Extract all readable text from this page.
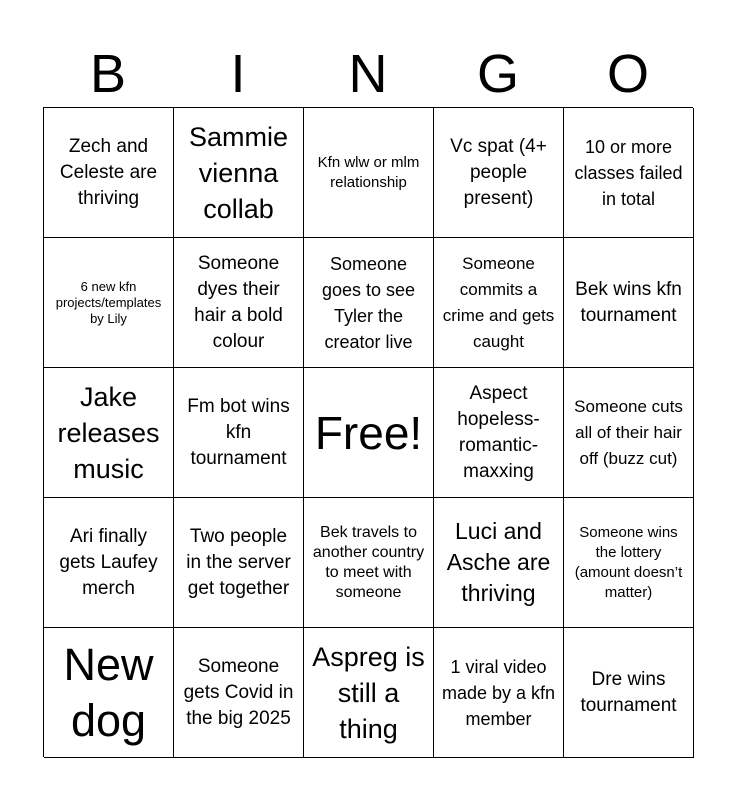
B	I	N	G	O
Zech and Celeste are thriving
Sammie vienna collab
Kfn wlw or mlm relationship
Vc spat (4+ people present)
10 or more classes failed in total
6 new kfn projects/templates by Lily
Someone dyes their hair a bold colour
Someone goes to see Tyler the creator live
Someone commits a crime and gets caught
Bek wins kfn tournament
Jake releases music
Fm bot wins kfn tournament Free!
Aspect hopeless-romantic-maxxing
Someone cuts all of their hair off (buzz cut)
Ari finally gets Laufey merch
Two people in the server get together
Bek travels to another country to meet with someone
Luci and Asche are thriving
Someone wins the lottery (amount doesn’t matter)
New dog
Someone gets Covid in the big 2025
Aspreg is still a thing
1 viral video made by a kfn member
Dre wins tournament
